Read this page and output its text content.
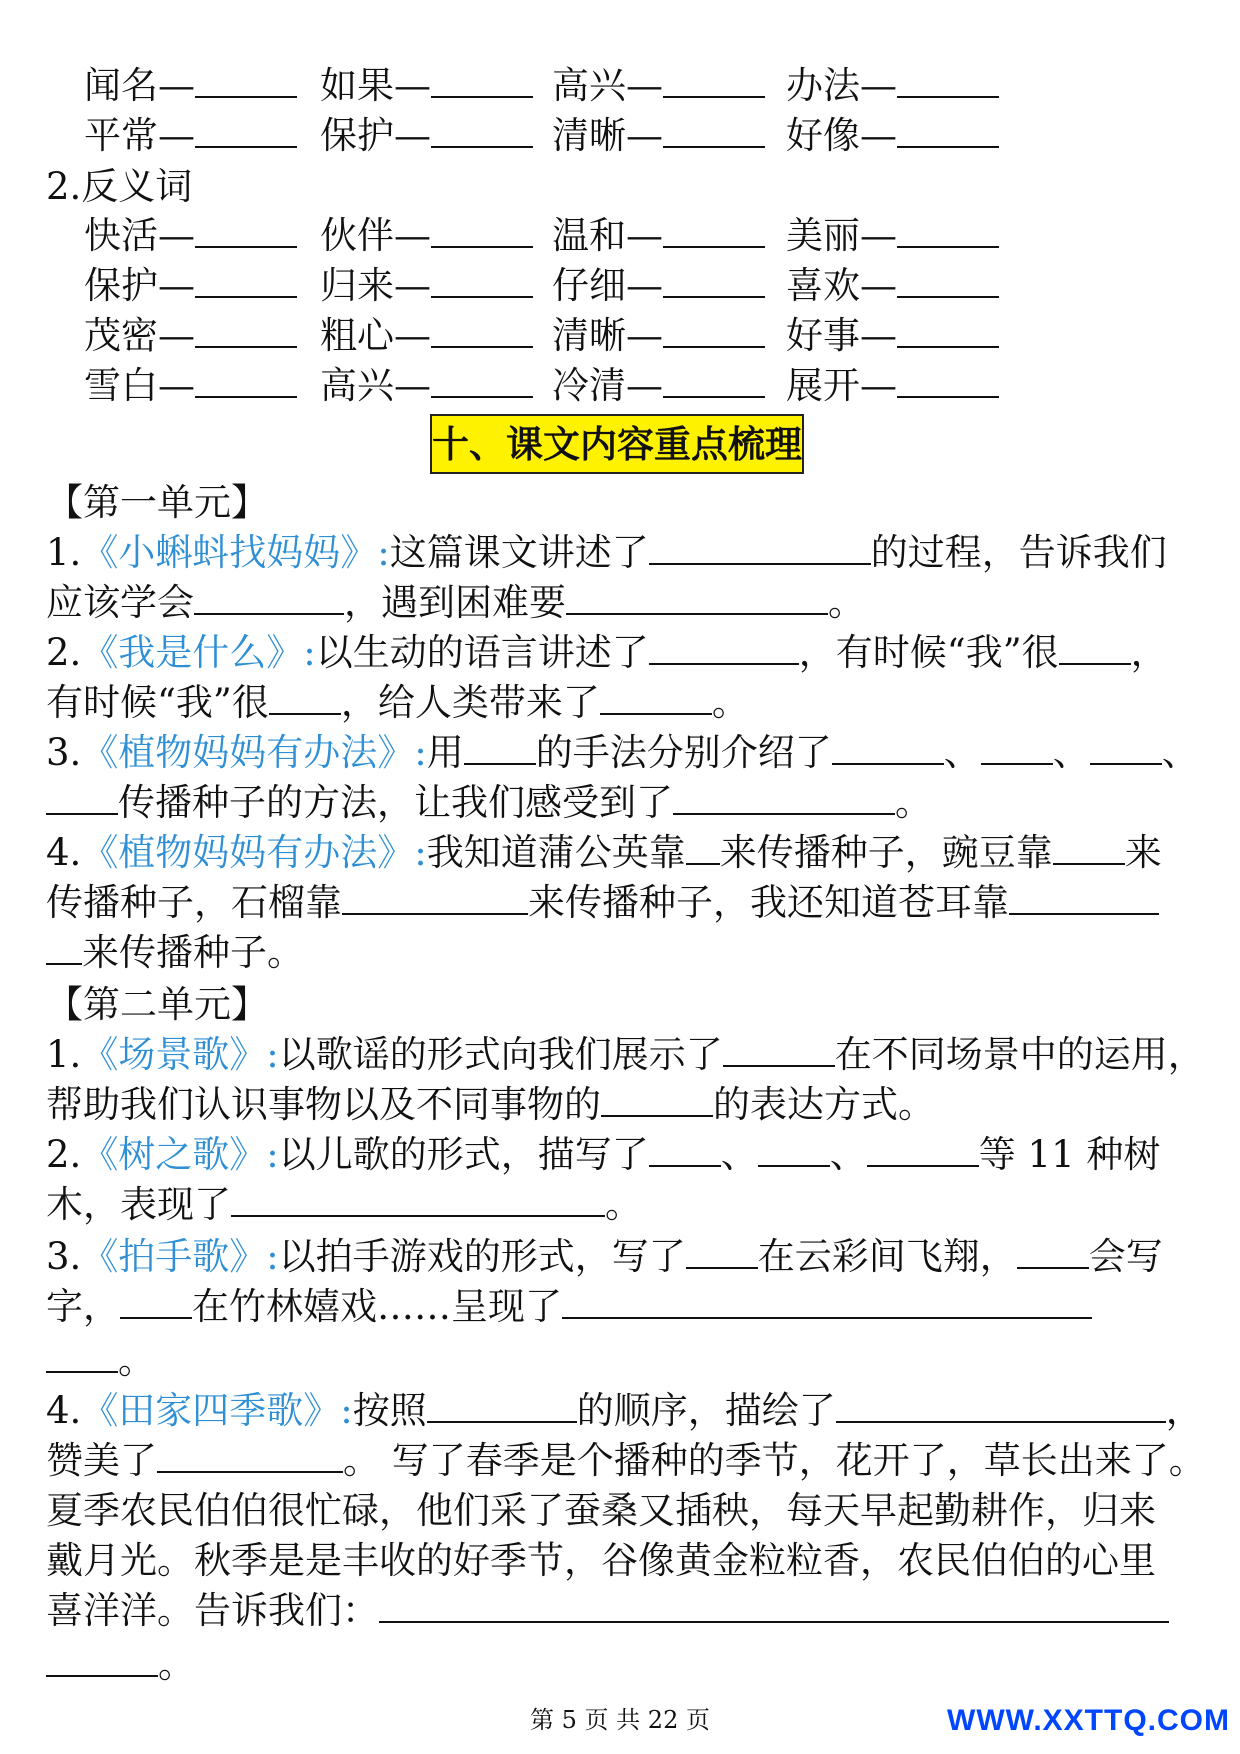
闻名—	如果—	高兴—	办法—
平常—	保护—	清晰—	好像—
2.反义词
快活—	伙伴—	温和—	美丽—
保护—	归来—	仔细—	喜欢—
茂密—	粗心—	清晰—	好事—
雪白—	高兴—	冷清—	展开—
十、课文内容重点梳理
【第一单元】
1.《小蝌蚪找妈妈》:这篇课文讲述了	的过程，告诉我们
应该学会	，遇到困难要	。
2.《我是什么》:以生动的语言讲述了	，有时候“我”很 ，
有时候“我”很 ，给人类带来了	。
3.《植物妈妈有办法》:用 的手法分别介绍了	、 、 、
传播种子的方法，让我们感受到了	。
4.《植物妈妈有办法》:我知道蒲公英靠 来传播种子，豌豆靠 来
传播种子，石榴靠	来传播种子，我还知道苍耳靠
来传播种子。
【第二单元】
1.《场景歌》:以歌谣的形式向我们展示了	在不同场景中的运用，
帮助我们认识事物以及不同事物的	的表达方式。
2.《树之歌》:以儿歌的形式，描写了 、 、	等 11 种树
木，表现了	。
3.《拍手歌》:以拍手游戏的形式，写了 在云彩间飞翔， 会写
字， 在竹林嬉戏……呈现了
。
4.《田家四季歌》:按照	的顺序，描绘了	，
赞美了	。 写了春季是个播种的季节，花开了，草长出来了。
夏季农民伯伯很忙碌，他们采了蚕桑又插秧，每天早起勤耕作，归来
戴月光。秋季是是丰收的好季节，谷像黄金粒粒香，农民伯伯的心里
喜洋洋。告诉我们：
。
第 5 页 共 22 页	WWW.XXTTQ.COM
